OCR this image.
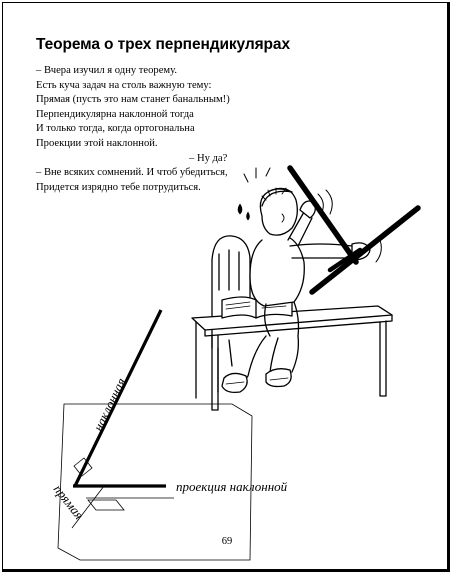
Теорема о трех перпендикулярах
– Вчера изучил я одну теорему.
Есть куча задач на столь важную тему:
Прямая (пусть это нам станет банальным!)
Перпендикулярна наклонной тогда
И только тогда, когда ортогональна
Проекции этой наклонной.
– Ну да?
– Вне всяких сомнений. И чтоб убедиться,
Придется изрядно тебе потрудиться.
наклонная
проекция наклонной
прямая
69
